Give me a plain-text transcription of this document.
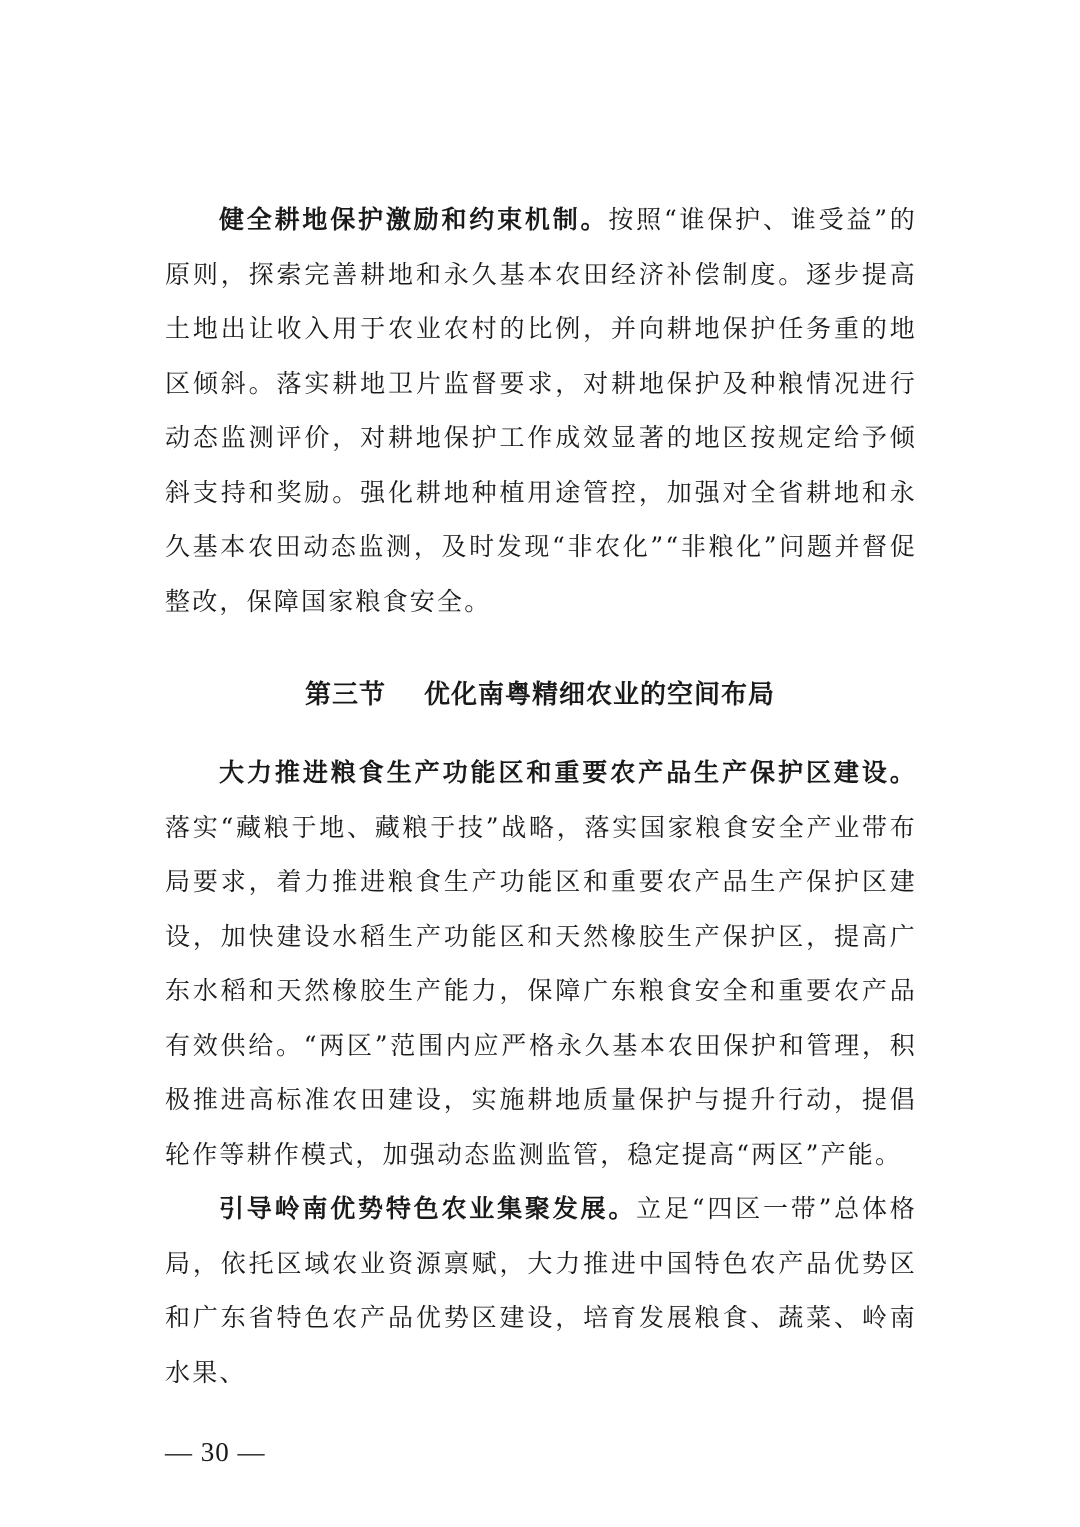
健全耕地保护激励和约束机制。按照“谁保护、谁受益”的原则，探索完善耕地和永久基本农田经济补偿制度。逐步提高土地出让收入用于农业农村的比例，并向耕地保护任务重的地区倾斜。落实耕地卫片监督要求，对耕地保护及种粮情况进行动态监测评价，对耕地保护工作成效显著的地区按规定给予倾斜支持和奖励。强化耕地种植用途管控，加强对全省耕地和永久基本农田动态监测，及时发现“非农化”“非粮化”问题并督促整改，保障国家粮食安全。

第三节 优化南粤精细农业的空间布局

大力推进粮食生产功能区和重要农产品生产保护区建设。落实“藏粮于地、藏粮于技”战略，落实国家粮食安全产业带布局要求，着力推进粮食生产功能区和重要农产品生产保护区建设，加快建设水稻生产功能区和天然橡胶生产保护区，提高广东水稻和天然橡胶生产能力，保障广东粮食安全和重要农产品有效供给。“两区”范围内应严格永久基本农田保护和管理，积极推进高标准农田建设，实施耕地质量保护与提升行动，提倡轮作等耕作模式，加强动态监测监管，稳定提高“两区”产能。

引导岭南优势特色农业集聚发展。立足“四区一带”总体格局，依托区域农业资源禀赋，大力推进中国特色农产品优势区和广东省特色农产品优势区建设，培育发展粮食、蔬菜、岭南水果、

— 30 —
